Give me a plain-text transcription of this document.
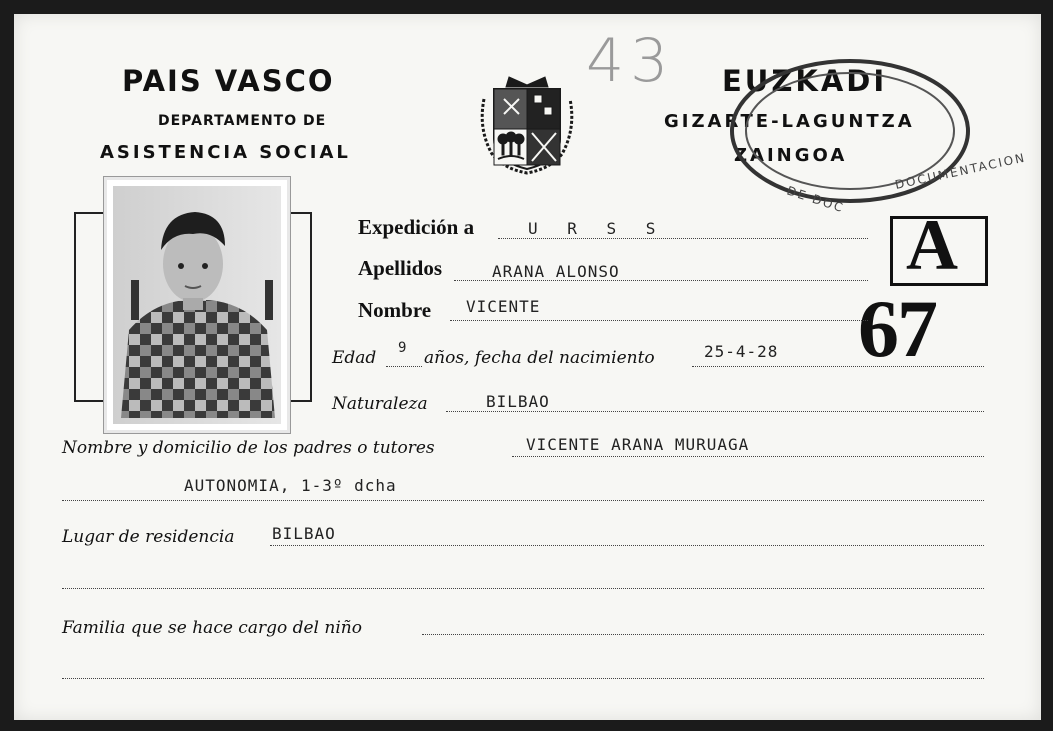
PAIS VASCO
DEPARTAMENTO DE
ASISTENCIA SOCIAL
43 EUZKADI
GIZARTE-LAGUNTZA
ZAINGOA	DOCUMENTACION
DE DOC
A
67
Expedición a	U R S S
Apellidos	ARANA ALONSO
Nombre VICENTE
Edad 9 años, fecha del nacimiento	25-4-28
Naturaleza	BILBAO
Nombre y domicilio de los padres o tutores	VICENTE ARANA MURUAGA
AUTONOMIA, 1-3º dcha
Lugar de residencia BILBAO
Familia que se hace cargo del niño
